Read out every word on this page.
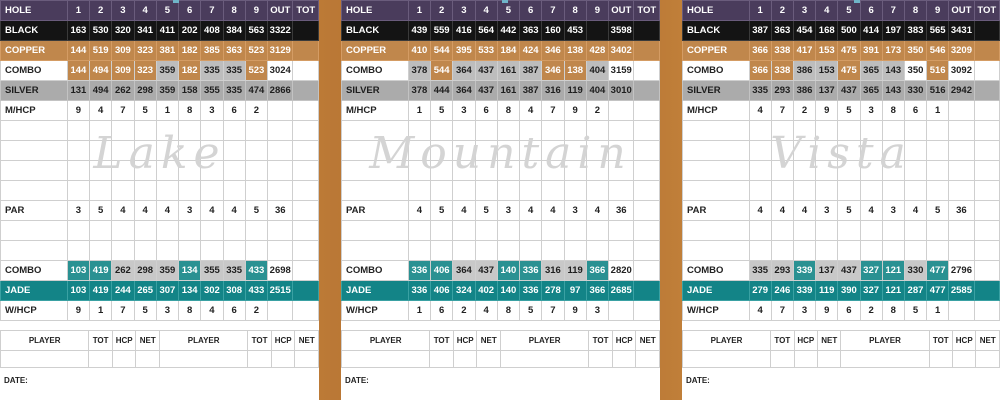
Lake
HOLE	1	2	3	4	5	6	7	8	9	OUT	TOT
BLACK	163	530	320	341	411	202	408	384	563	3322	
COPPER	144	519	309	323	381	182	385	363	523	3129	
COMBO	144	494	309	323	359	182	335	335	523	3024	
SILVER	131	494	262	298	359	158	355	335	474	2866	
M/HCP	9	4	7	5	1	8	3	6	2		

PAR	3	5	4	4	4	3	4	4	5	36	

COMBO	103	419	262	298	359	134	355	335	433	2698	
JADE	103	419	244	265	307	134	302	308	433	2515	
W/HCP	9	1	7	5	3	8	4	6	2		
PLAYER	TOT	HCP	NET	PLAYER	TOT	HCP	NET

DATE:
Mountain
HOLE	1	2	3	4	5	6	7	8	9	OUT	TOT
BLACK	439	559	416	564	442	363	160	453		3598	
COPPER	410	544	395	533	184	424	346	138	428	3402	
COMBO	378	544	364	437	161	387	346	138	404	3159	
SILVER	378	444	364	437	161	387	316	119	404	3010	
M/HCP	1	5	3	6	8	4	7	9	2		

PAR	4	5	4	5	3	4	4	3	4	36	

COMBO	336	406	364	437	140	336	316	119	366	2820	
JADE	336	406	324	402	140	336	278	97	366	2685	
W/HCP	1	6	2	4	8	5	7	9	3		
PLAYER	TOT	HCP	NET	PLAYER	TOT	HCP	NET

DATE:
Vista
HOLE	1	2	3	4	5	6	7	8	9	OUT	TOT
BLACK	387	363	454	168	500	414	197	383	565	3431	
COPPER	366	338	417	153	475	391	173	350	546	3209	
COMBO	366	338	386	153	475	365	143	350	516	3092	
SILVER	335	293	386	137	437	365	143	330	516	2942	
M/HCP	4	7	2	9	5	3	8	6	1		

PAR	4	4	4	3	5	4	3	4	5	36	

COMBO	335	293	339	137	437	327	121	330	477	2796	
JADE	279	246	339	119	390	327	121	287	477	2585	
W/HCP	4	7	3	9	6	2	8	5	1		
PLAYER	TOT	HCP	NET	PLAYER	TOT	HCP	NET

DATE:
